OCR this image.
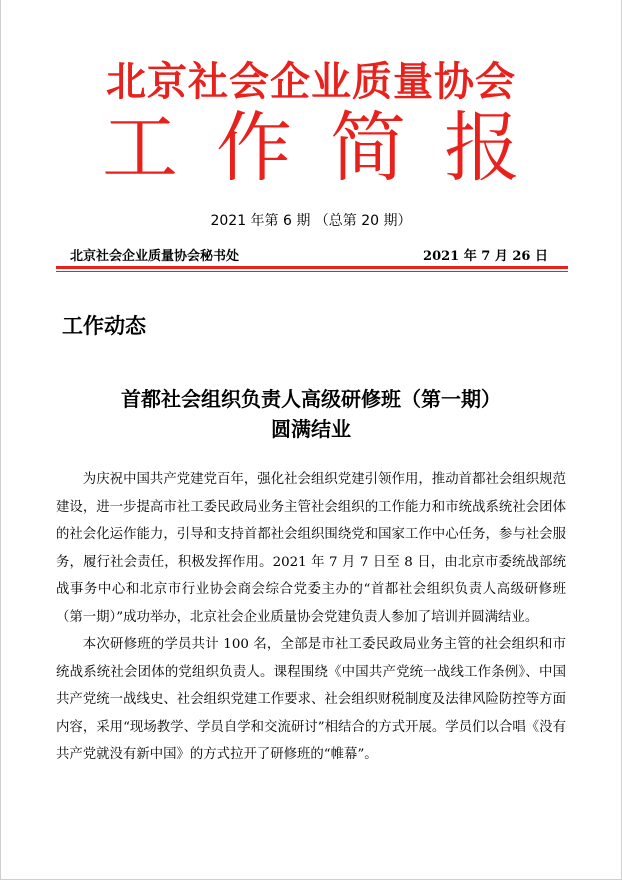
北京社会企业质量协会
工作简报
2021 年第 6 期 （总第 20 期）
北京社会企业质量协会秘书处	2021 年 7 月 26 日
工作动态
首都社会组织负责人高级研修班（第一期）
圆满结业

为庆祝中国共产党建党百年，强化社会组织党建引领作用，推动首都社会组织规范建设，进一步提高市社工委民政局业务主管社会组织的工作能力和市统战系统社会团体的社会化运作能力，引导和支持首都社会组织围绕党和国家工作中心任务，参与社会服务，履行社会责任，积极发挥作用。2021 年 7 月 7 日至 8 日，由北京市委统战部统战事务中心和北京市行业协会商会综合党委主办的“首都社会组织负责人高级研修班（第一期）”成功举办，北京社会企业质量协会党建负责人参加了培训并圆满结业。

本次研修班的学员共计 100 名，全部是市社工委民政局业务主管的社会组织和市统战系统社会团体的党组织负责人。课程围绕《中国共产党统一战线工作条例》、中国共产党统一战线史、社会组织党建工作要求、社会组织财税制度及法律风险防控等方面内容，采用“现场教学、学员自学和交流研讨”相结合的方式开展。学员们以合唱《没有共产党就没有新中国》的方式拉开了研修班的“帷幕”。
